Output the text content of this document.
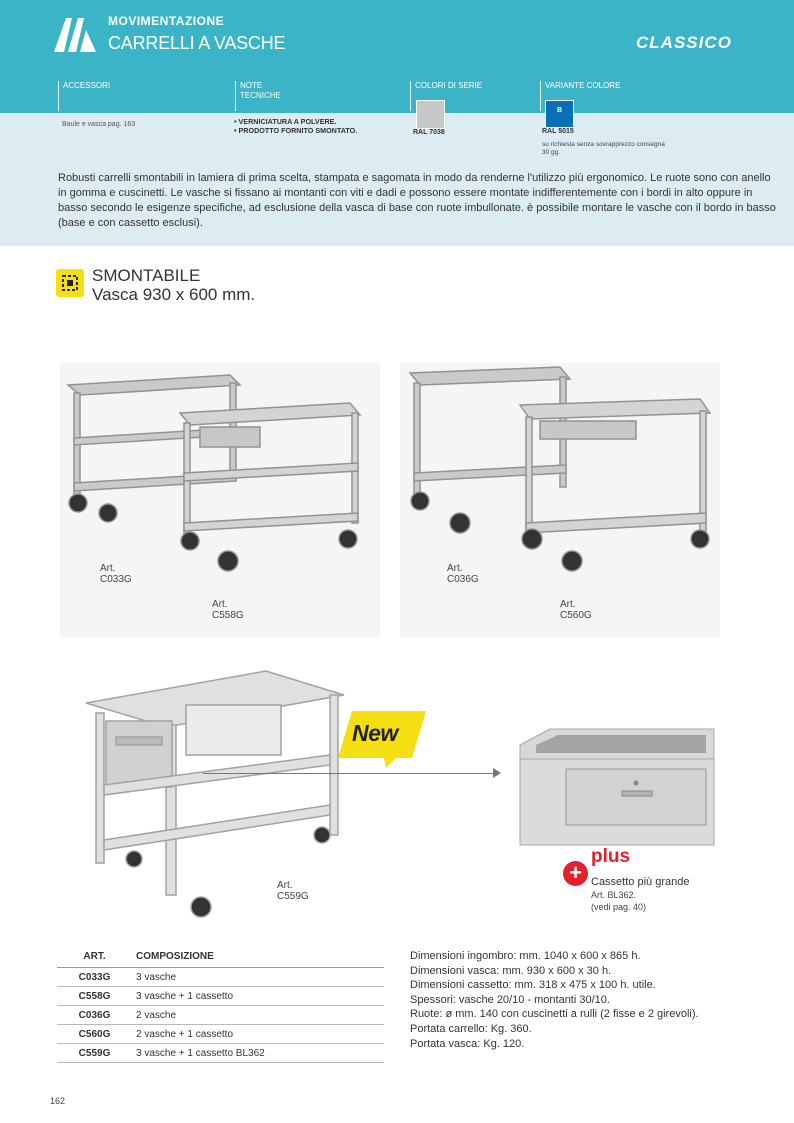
MOVIMENTAZIONE
CARRELLI A VASCHE	CLASSICO
ACCESSORI	NOTE
TECNICHE
COLORI DI SERIE	VARIANTE COLORE
Baule e vasca pag. 163	• VERNICIATURA A POLVERE.
• PRODOTTO FORNITO SMONTATO.	RAL 7038
B
RAL 5015
su richiesta senza sovrapprezzo consegna 30 gg.
Robusti carrelli smontabili in lamiera di prima scelta, stampata e sagomata in modo da renderne l'utilizzo più ergonomico. Le ruote sono con anello in gomma e cuscinetti. Le vasche si fissano ai montanti con viti e dadi e possono essere montate indifferentemente con i bordi in alto oppure in basso secondo le esigenze specifiche, ad esclusione della vasca di base con ruote imbullonate. è possibile montare le vasche con il bordo in basso (base e con cassetto esclusi).
SMONTABILE
Vasca 930 x 600 mm.
Art.
C033G
Art.
C558G
Art.
C036G
Art.
C560G
Art.
C559G
New
+
plus
Cassetto più grande
Art. BL362.
(vedi pag. 40)
ART.	COMPOSIZIONE
C033G	3 vasche
C558G	3 vasche + 1 cassetto
C036G	2 vasche
C560G	2 vasche + 1 cassetto
C559G	3 vasche + 1 cassetto BL362
Dimensioni ingombro: mm. 1040 x 600 x 865 h.
Dimensioni vasca: mm. 930 x 600 x 30 h.
Dimensioni cassetto: mm. 318 x 475 x 100 h. utile.
Spessori: vasche 20/10 - montanti 30/10.
Ruote: ø mm. 140 con cuscinetti a rulli (2 fisse e 2 girevoli).
Portata carrello: Kg. 360.
Portata vasca: Kg. 120.
162
